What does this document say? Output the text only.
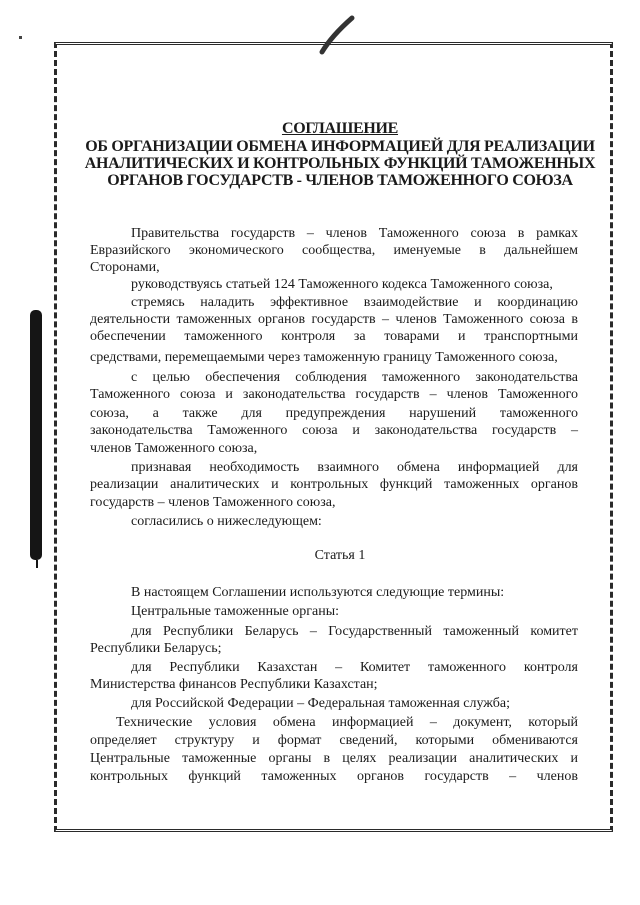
СОГЛАШЕНИЕ
ОБ ОРГАНИЗАЦИИ ОБМЕНА ИНФОРМАЦИЕЙ ДЛЯ РЕАЛИЗАЦИИ
АНАЛИТИЧЕСКИХ И КОНТРОЛЬНЫХ ФУНКЦИЙ ТАМОЖЕННЫХ
ОРГАНОВ ГОСУДАРСТВ - ЧЛЕНОВ ТАМОЖЕННОГО СОЮЗА

Правительства государств – членов Таможенного союза в рамках

Евразийского экономического сообщества, именуемые в дальнейшем

Сторонами,

руководствуясь статьей 124 Таможенного кодекса Таможенного союза,

стремясь наладить эффективное взаимодействие и координацию

деятельности таможенных органов государств – членов Таможенного союза в

обеспечении таможенного контроля за товарами и транспортными

средствами, перемещаемыми через таможенную границу Таможенного союза,

с целью обеспечения соблюдения таможенного законодательства

Таможенного союза и законодательства государств – членов Таможенного

союза, а также для предупреждения нарушений таможенного

законодательства Таможенного союза и законодательства государств –

членов Таможенного союза,

признавая необходимость взаимного обмена информацией для

реализации аналитических и контрольных функций таможенных органов

государств – членов Таможенного союза,

согласились о нижеследующем:

Статья 1

В настоящем Соглашении используются следующие термины:

Центральные таможенные органы:

для Республики Беларусь – Государственный таможенный комитет

Республики Беларусь;

для Республики Казахстан – Комитет таможенного контроля

Министерства финансов Республики Казахстан;

для Российской Федерации – Федеральная таможенная служба;

Технические условия обмена информацией – документ, который

определяет структуру и формат сведений, которыми обмениваются

Центральные таможенные органы в целях реализации аналитических и

контрольных функций таможенных органов государств – членов
